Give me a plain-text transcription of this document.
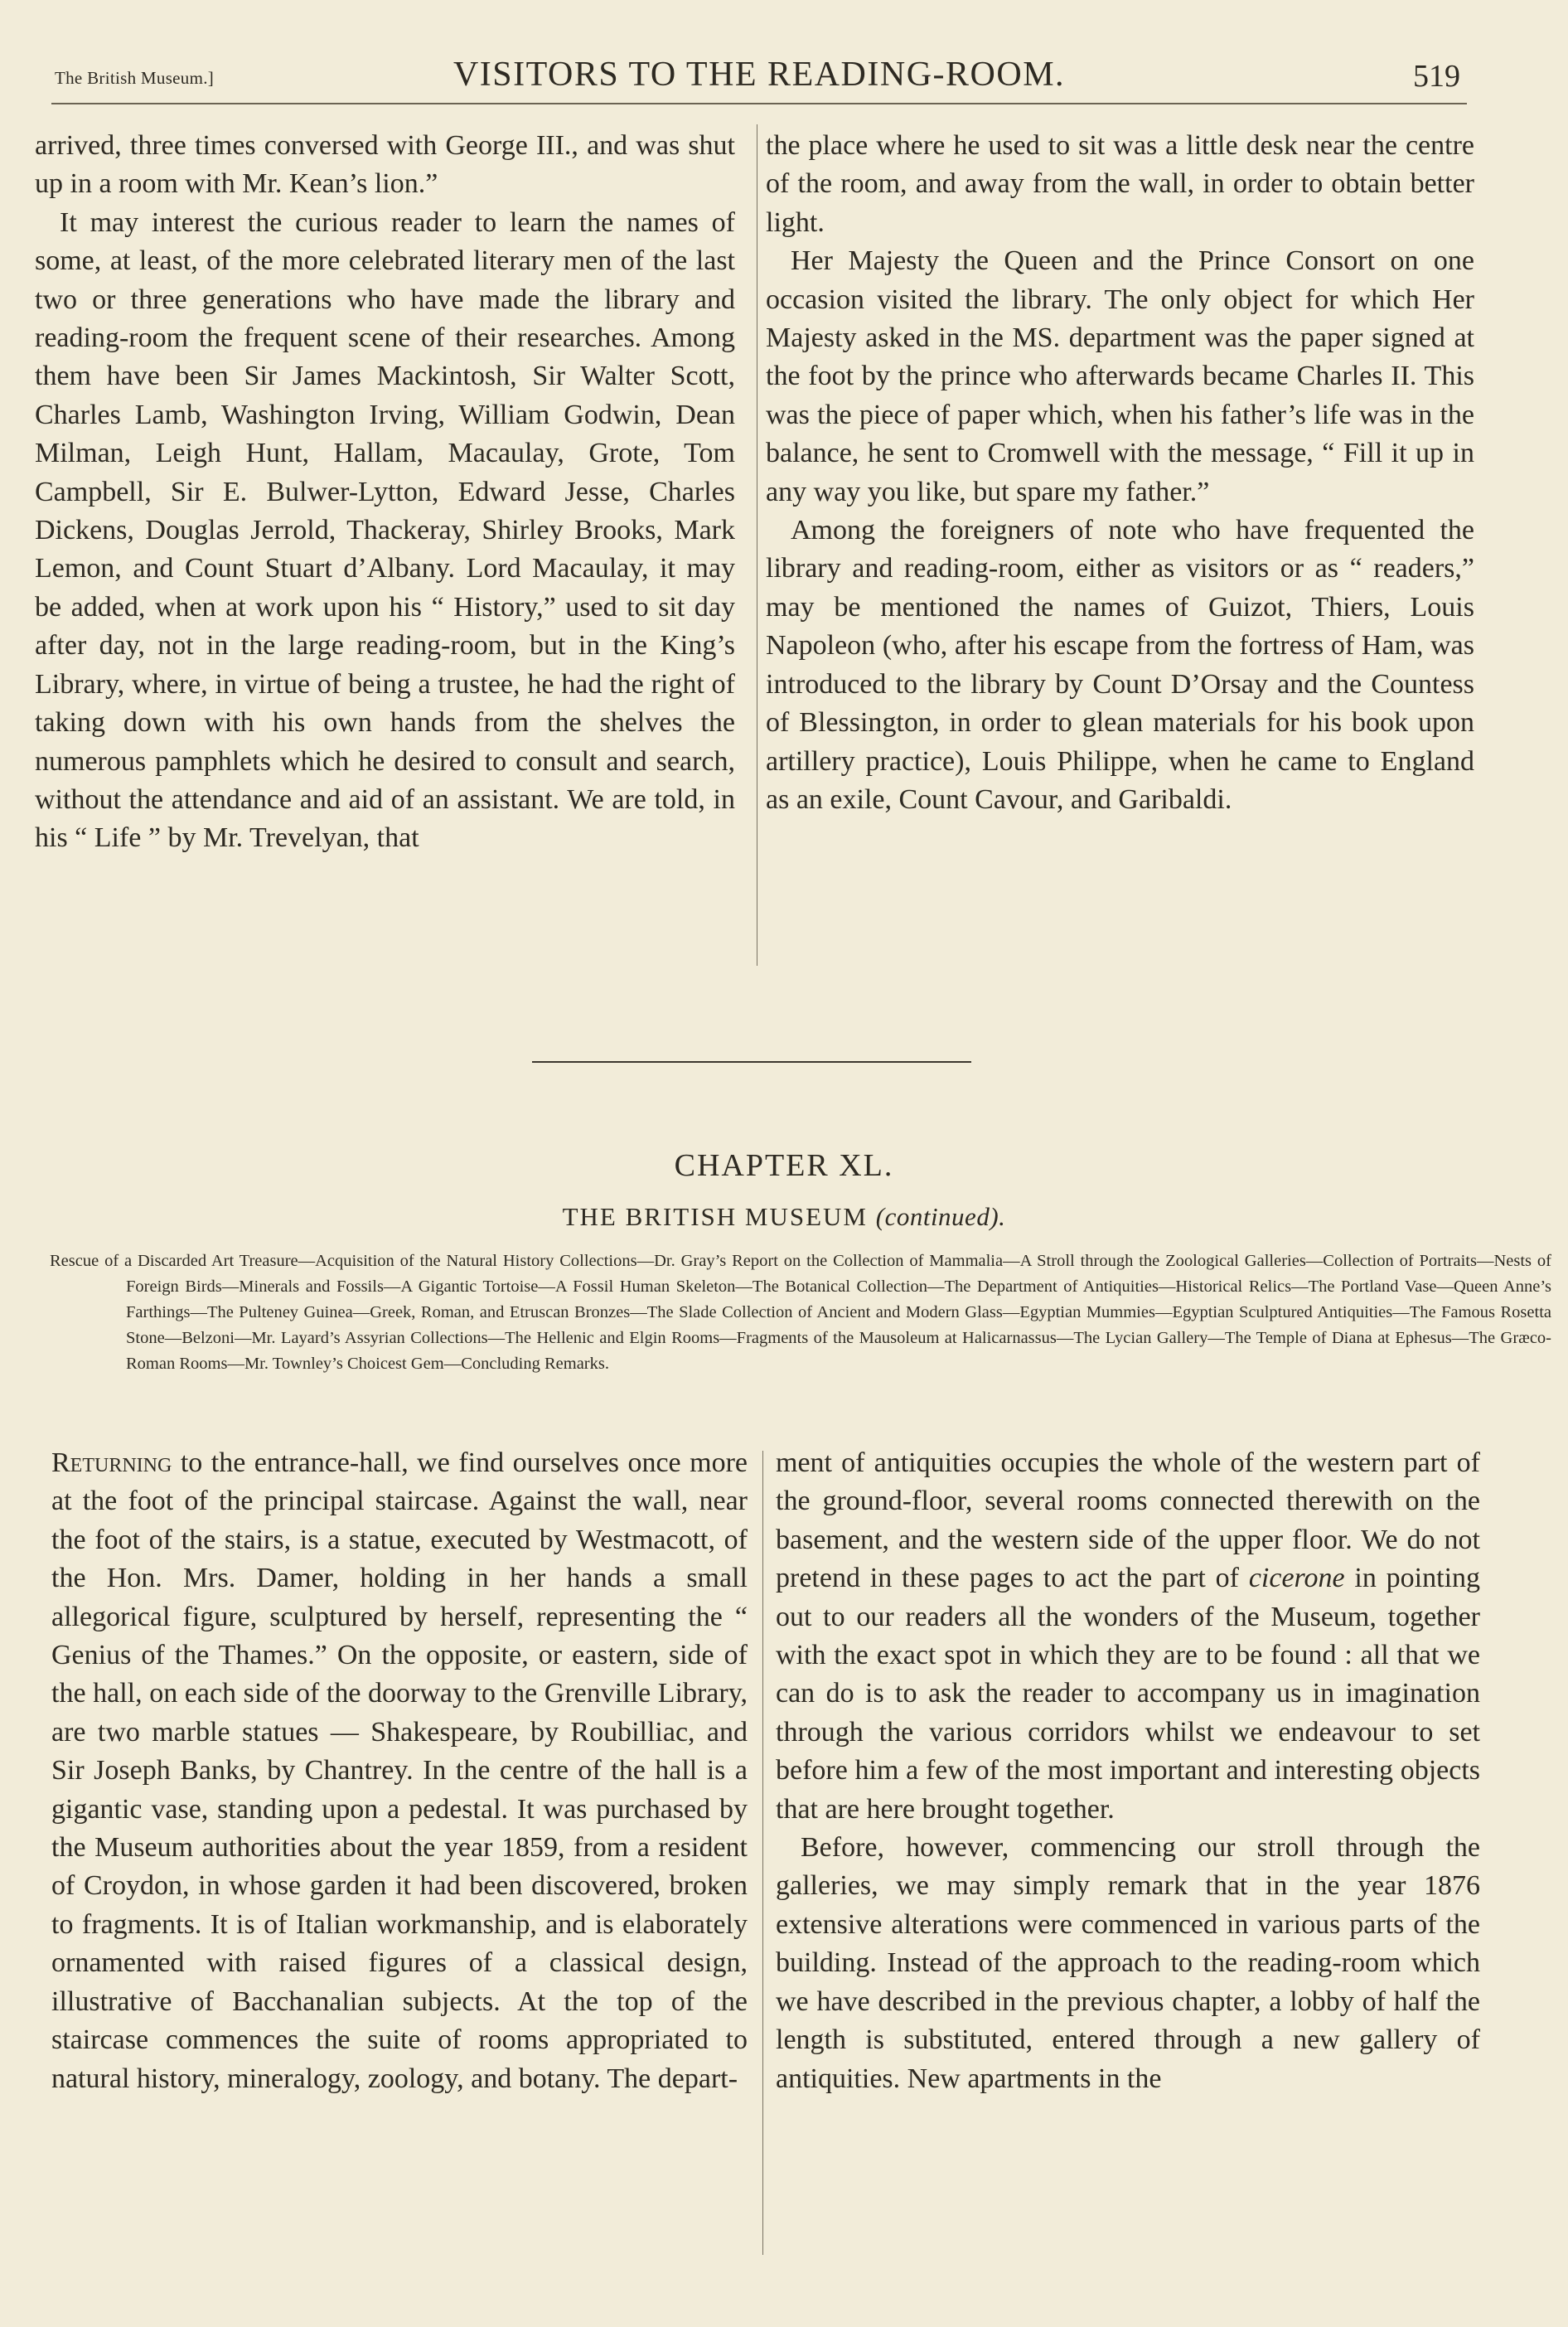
The British Museum.]	VISITORS TO THE READING-ROOM.	519

arrived, three times conversed with George III., and was shut up in a room with Mr. Kean’s lion.”

It may interest the curious reader to learn the names of some, at least, of the more celebrated literary men of the last two or three generations who have made the library and reading-room the frequent scene of their researches. Among them have been Sir James Mackintosh, Sir Walter Scott, Charles Lamb, Washington Irving, William Godwin, Dean Milman, Leigh Hunt, Hallam, Macaulay, Grote, Tom Campbell, Sir E. Bulwer-Lytton, Edward Jesse, Charles Dickens, Douglas Jerrold, Thackeray, Shirley Brooks, Mark Lemon, and Count Stuart d’Albany. Lord Macaulay, it may be added, when at work upon his “ History,” used to sit day after day, not in the large reading-room, but in the King’s Library, where, in virtue of being a trustee, he had the right of taking down with his own hands from the shelves the numerous pamphlets which he desired to consult and search, without the attendance and aid of an assistant. We are told, in his “ Life ” by Mr. Trevelyan, that

the place where he used to sit was a little desk near the centre of the room, and away from the wall, in order to obtain better light.

Her Majesty the Queen and the Prince Consort on one occasion visited the library. The only object for which Her Majesty asked in the MS. department was the paper signed at the foot by the prince who afterwards became Charles II. This was the piece of paper which, when his father’s life was in the balance, he sent to Cromwell with the message, “ Fill it up in any way you like, but spare my father.”

Among the foreigners of note who have frequented the library and reading-room, either as visitors or as “ readers,” may be mentioned the names of Guizot, Thiers, Louis Napoleon (who, after his escape from the fortress of Ham, was introduced to the library by Count D’Orsay and the Countess of Blessington, in order to glean materials for his book upon artillery practice), Louis Philippe, when he came to England as an exile, Count Cavour, and Garibaldi.

CHAPTER XL.
THE BRITISH MUSEUM (continued).

Rescue of a Discarded Art Treasure—Acquisition of the Natural History Collections—Dr. Gray’s Report on the Collection of Mammalia—A Stroll through the Zoological Galleries—Collection of Portraits—Nests of Foreign Birds—Minerals and Fossils—A Gigantic Tortoise—A Fossil Human Skeleton—The Botanical Collection—The Department of Antiquities—Historical Relics—The Portland Vase—Queen Anne’s Farthings—The Pulteney Guinea—Greek, Roman, and Etruscan Bronzes—The Slade Collection of Ancient and Modern Glass—Egyptian Mummies—Egyptian Sculptured Antiquities—The Famous Rosetta Stone—Belzoni—Mr. Layard’s Assyrian Collections—The Hellenic and Elgin Rooms—Fragments of the Mausoleum at Halicarnassus—The Lycian Gallery—The Temple of Diana at Ephesus—The Græco-Roman Rooms—Mr. Townley’s Choicest Gem—Concluding Remarks.

Returning to the entrance-hall, we find ourselves once more at the foot of the principal staircase. Against the wall, near the foot of the stairs, is a statue, executed by Westmacott, of the Hon. Mrs. Damer, holding in her hands a small allegorical figure, sculptured by herself, representing the “ Genius of the Thames.” On the opposite, or eastern, side of the hall, on each side of the doorway to the Grenville Library, are two marble statues — Shakespeare, by Roubilliac, and Sir Joseph Banks, by Chantrey. In the centre of the hall is a gigantic vase, standing upon a pedestal. It was purchased by the Museum authorities about the year 1859, from a resident of Croydon, in whose garden it had been discovered, broken to fragments. It is of Italian workmanship, and is elaborately ornamented with raised figures of a classical design, illustrative of Bacchanalian subjects. At the top of the staircase commences the suite of rooms appropriated to natural history, mineralogy, zoology, and botany. The depart-

ment of antiquities occupies the whole of the western part of the ground-floor, several rooms connected therewith on the basement, and the western side of the upper floor. We do not pretend in these pages to act the part of cicerone in pointing out to our readers all the wonders of the Museum, together with the exact spot in which they are to be found : all that we can do is to ask the reader to accompany us in imagination through the various corridors whilst we endeavour to set before him a few of the most important and interesting objects that are here brought together.

Before, however, commencing our stroll through the galleries, we may simply remark that in the year 1876 extensive alterations were commenced in various parts of the building. Instead of the approach to the reading-room which we have described in the previous chapter, a lobby of half the length is substituted, entered through a new gallery of antiquities. New apartments in the
